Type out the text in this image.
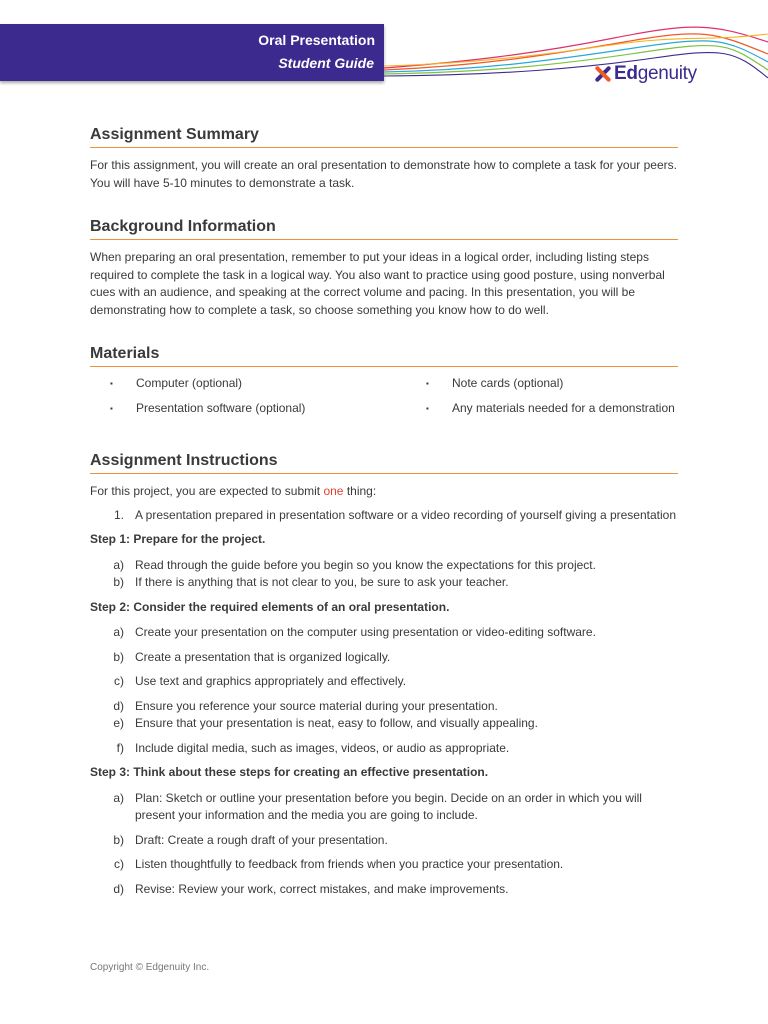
Oral Presentation
Student Guide	Edgenuity
Assignment Summary

For this assignment, you will create an oral presentation to demonstrate how to complete a task for your peers. You will have 5-10 minutes to demonstrate a task.

Background Information

When preparing an oral presentation, remember to put your ideas in a logical order, including listing steps required to complete the task in a logical way. You also want to practice using good posture, using nonverbal cues with an audience, and speaking at the correct volume and pacing. In this presentation, you will be demonstrating how to complete a task, so choose something you know how to do well.

Materials
▪	Computer (optional)
▪	Presentation software (optional)
▪	Note cards (optional)
▪	Any materials needed for a demonstration
Assignment Instructions

For this project, you are expected to submit one thing:

1. A presentation prepared in presentation software or a video recording of yourself giving a presentation
Step 1: Prepare for the project.
a) Read through the guide before you begin so you know the expectations for this project.
b) If there is anything that is not clear to you, be sure to ask your teacher.
Step 2: Consider the required elements of an oral presentation.
a) Create your presentation on the computer using presentation or video-editing software.
b) Create a presentation that is organized logically.
c) Use text and graphics appropriately and effectively.
d) Ensure you reference your source material during your presentation.
e) Ensure that your presentation is neat, easy to follow, and visually appealing.
f) Include digital media, such as images, videos, or audio as appropriate.
Step 3: Think about these steps for creating an effective presentation.
a) Plan: Sketch or outline your presentation before you begin. Decide on an order in which you will present your information and the media you are going to include.
b) Draft: Create a rough draft of your presentation.
c) Listen thoughtfully to feedback from friends when you practice your presentation.
d) Revise: Review your work, correct mistakes, and make improvements.
Copyright © Edgenuity Inc.
